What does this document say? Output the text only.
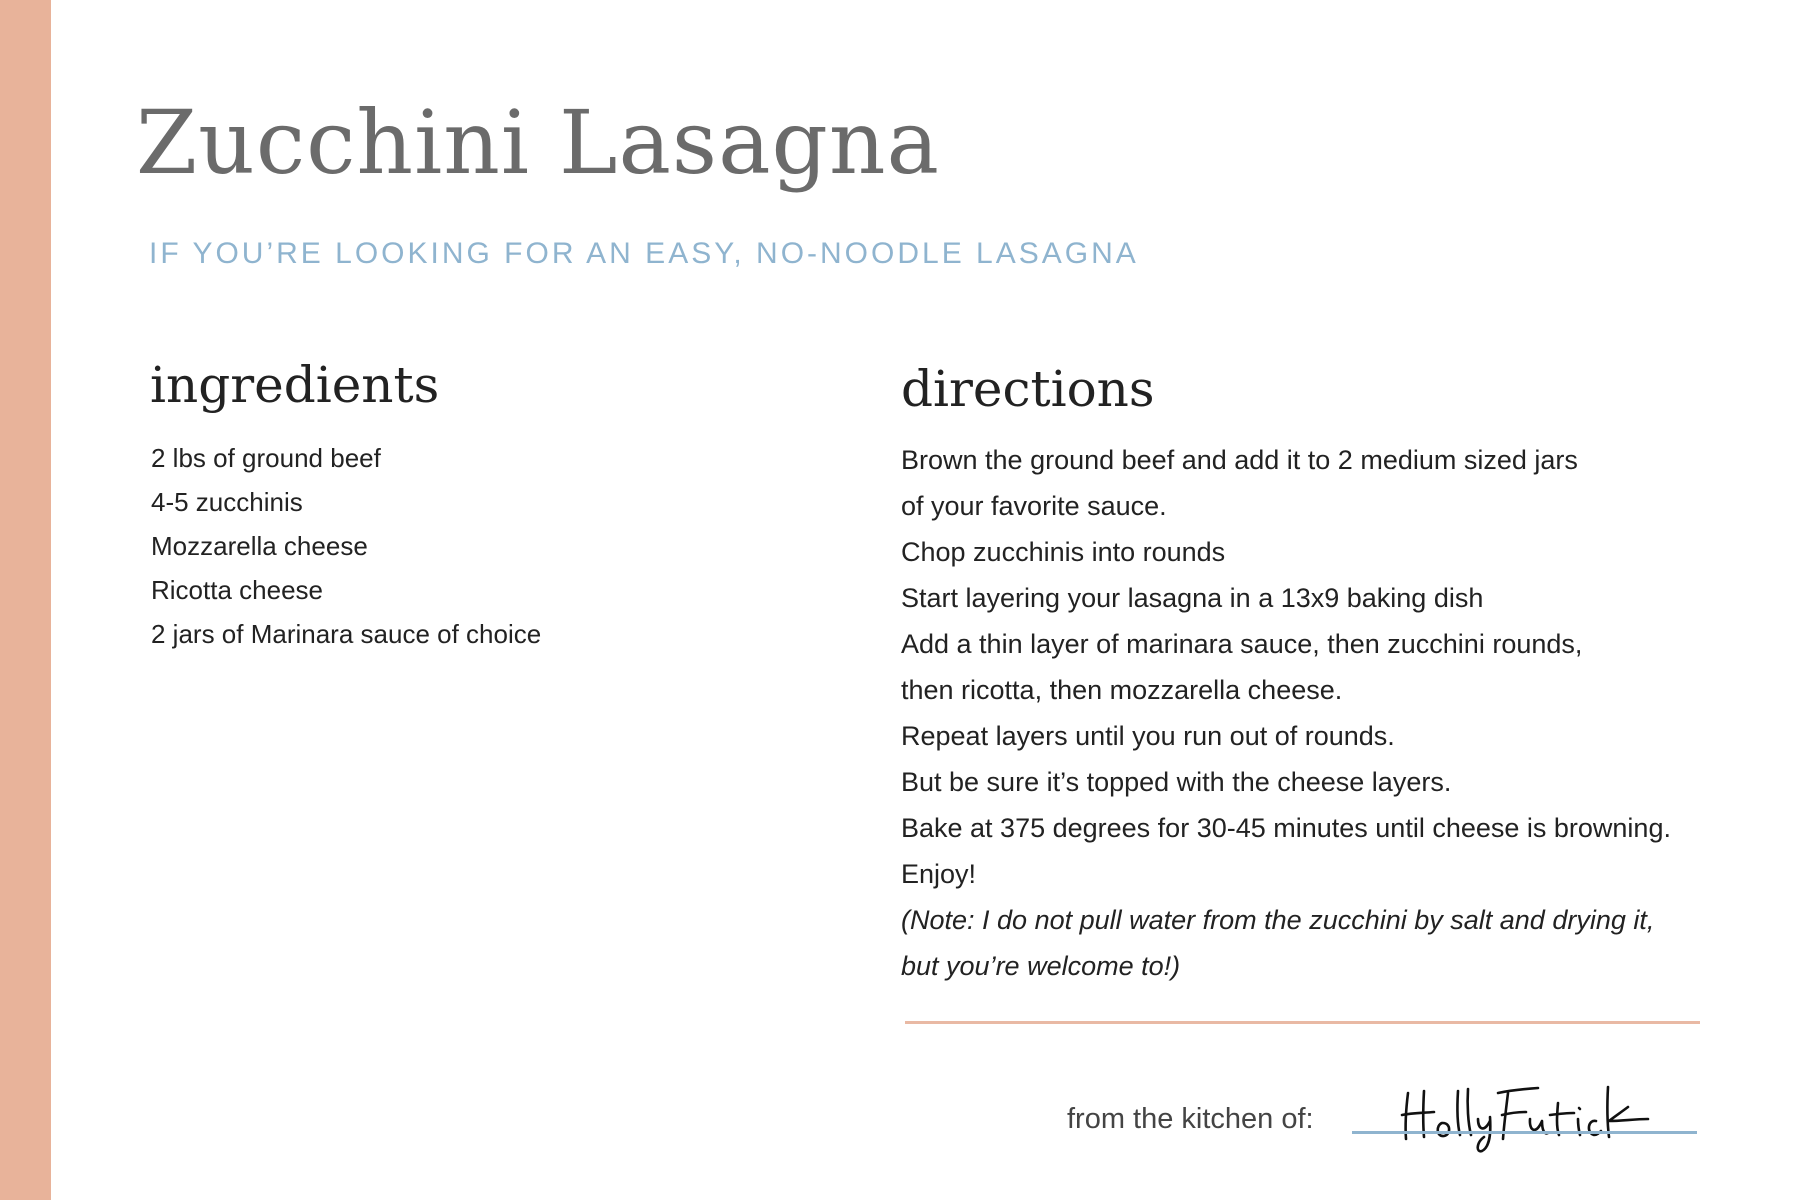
Zucchini Lasagna

IF YOU’RE LOOKING FOR AN EASY, NO-NOODLE LASAGNA

ingredients
2 lbs of ground beef
4-5 zucchinis
Mozzarella cheese
Ricotta cheese
2 jars of Marinara sauce of choice
directions
Brown the ground beef and add it to 2 medium sized jars
of your favorite sauce.
Chop zucchinis into rounds
Start layering your lasagna in a 13x9 baking dish
Add a thin layer of marinara sauce, then zucchini rounds,
then ricotta, then mozzarella cheese.
Repeat layers until you run out of rounds.
But be sure it’s topped with the cheese layers.
Bake at 375 degrees for 30-45 minutes until cheese is browning.
Enjoy!
(Note: I do not pull water from the zucchini by salt and drying it,
but you’re welcome to!)

from the kitchen of:
